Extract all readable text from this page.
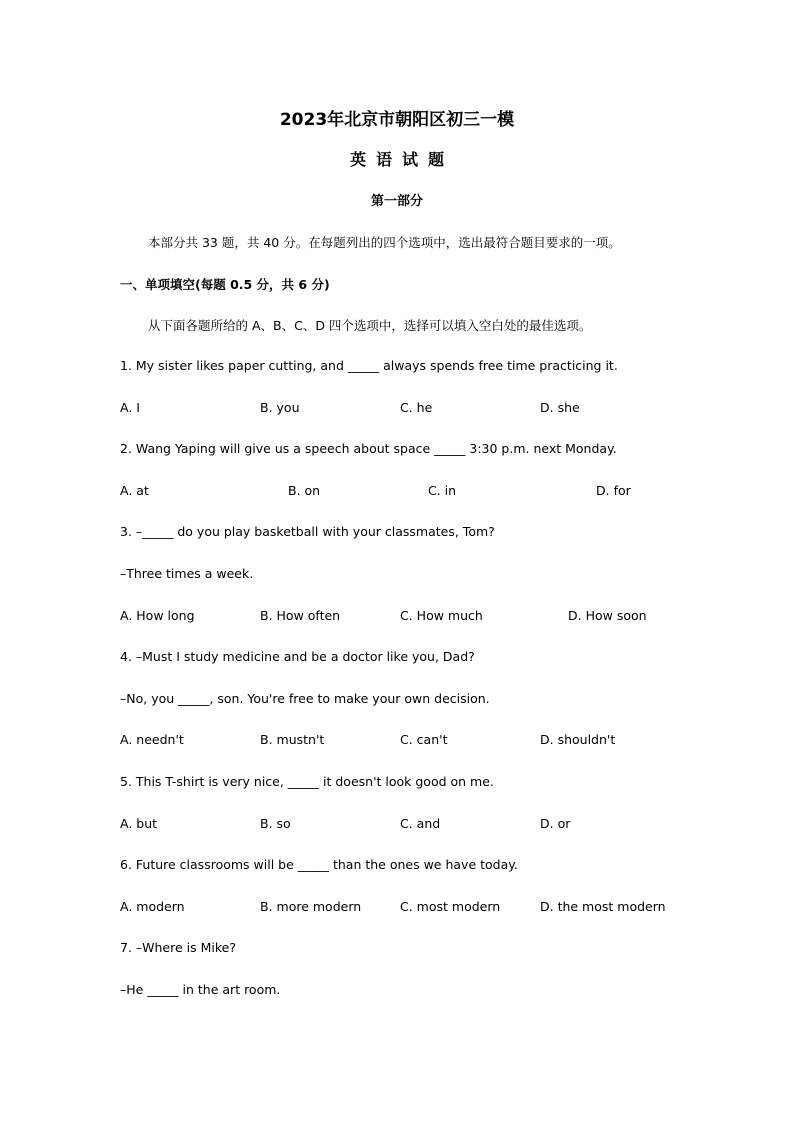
2023年北京市朝阳区初三一模
英语试题
第一部分
本部分共 33 题，共 40 分。在每题列出的四个选项中，选出最符合题目要求的一项。
一、单项填空(每题 0.5 分，共 6 分)
从下面各题所给的 A、B、C、D 四个选项中，选择可以填入空白处的最佳选项。
1. My sister likes paper cutting, and _____ always spends free time practicing it.
A. I	B. you	C. he	D. she
2. Wang Yaping will give us a speech about space _____ 3:30 p.m. next Monday.
A. at	B. on	C. in	D. for
3. –_____ do you play basketball with your classmates, Tom?
–Three times a week.
A. How long	B. How often	C. How much	D. How soon
4. –Must I study medicine and be a doctor like you, Dad?
–No, you _____, son. You're free to make your own decision.
A. needn't	B. mustn't	C. can't	D. shouldn't
5. This T-shirt is very nice, _____ it doesn't look good on me.
A. but	B. so	C. and	D. or
6. Future classrooms will be _____ than the ones we have today.
A. modern	B. more modern	C. most modern	D. the most modern
7. –Where is Mike?
–He _____ in the art room.
